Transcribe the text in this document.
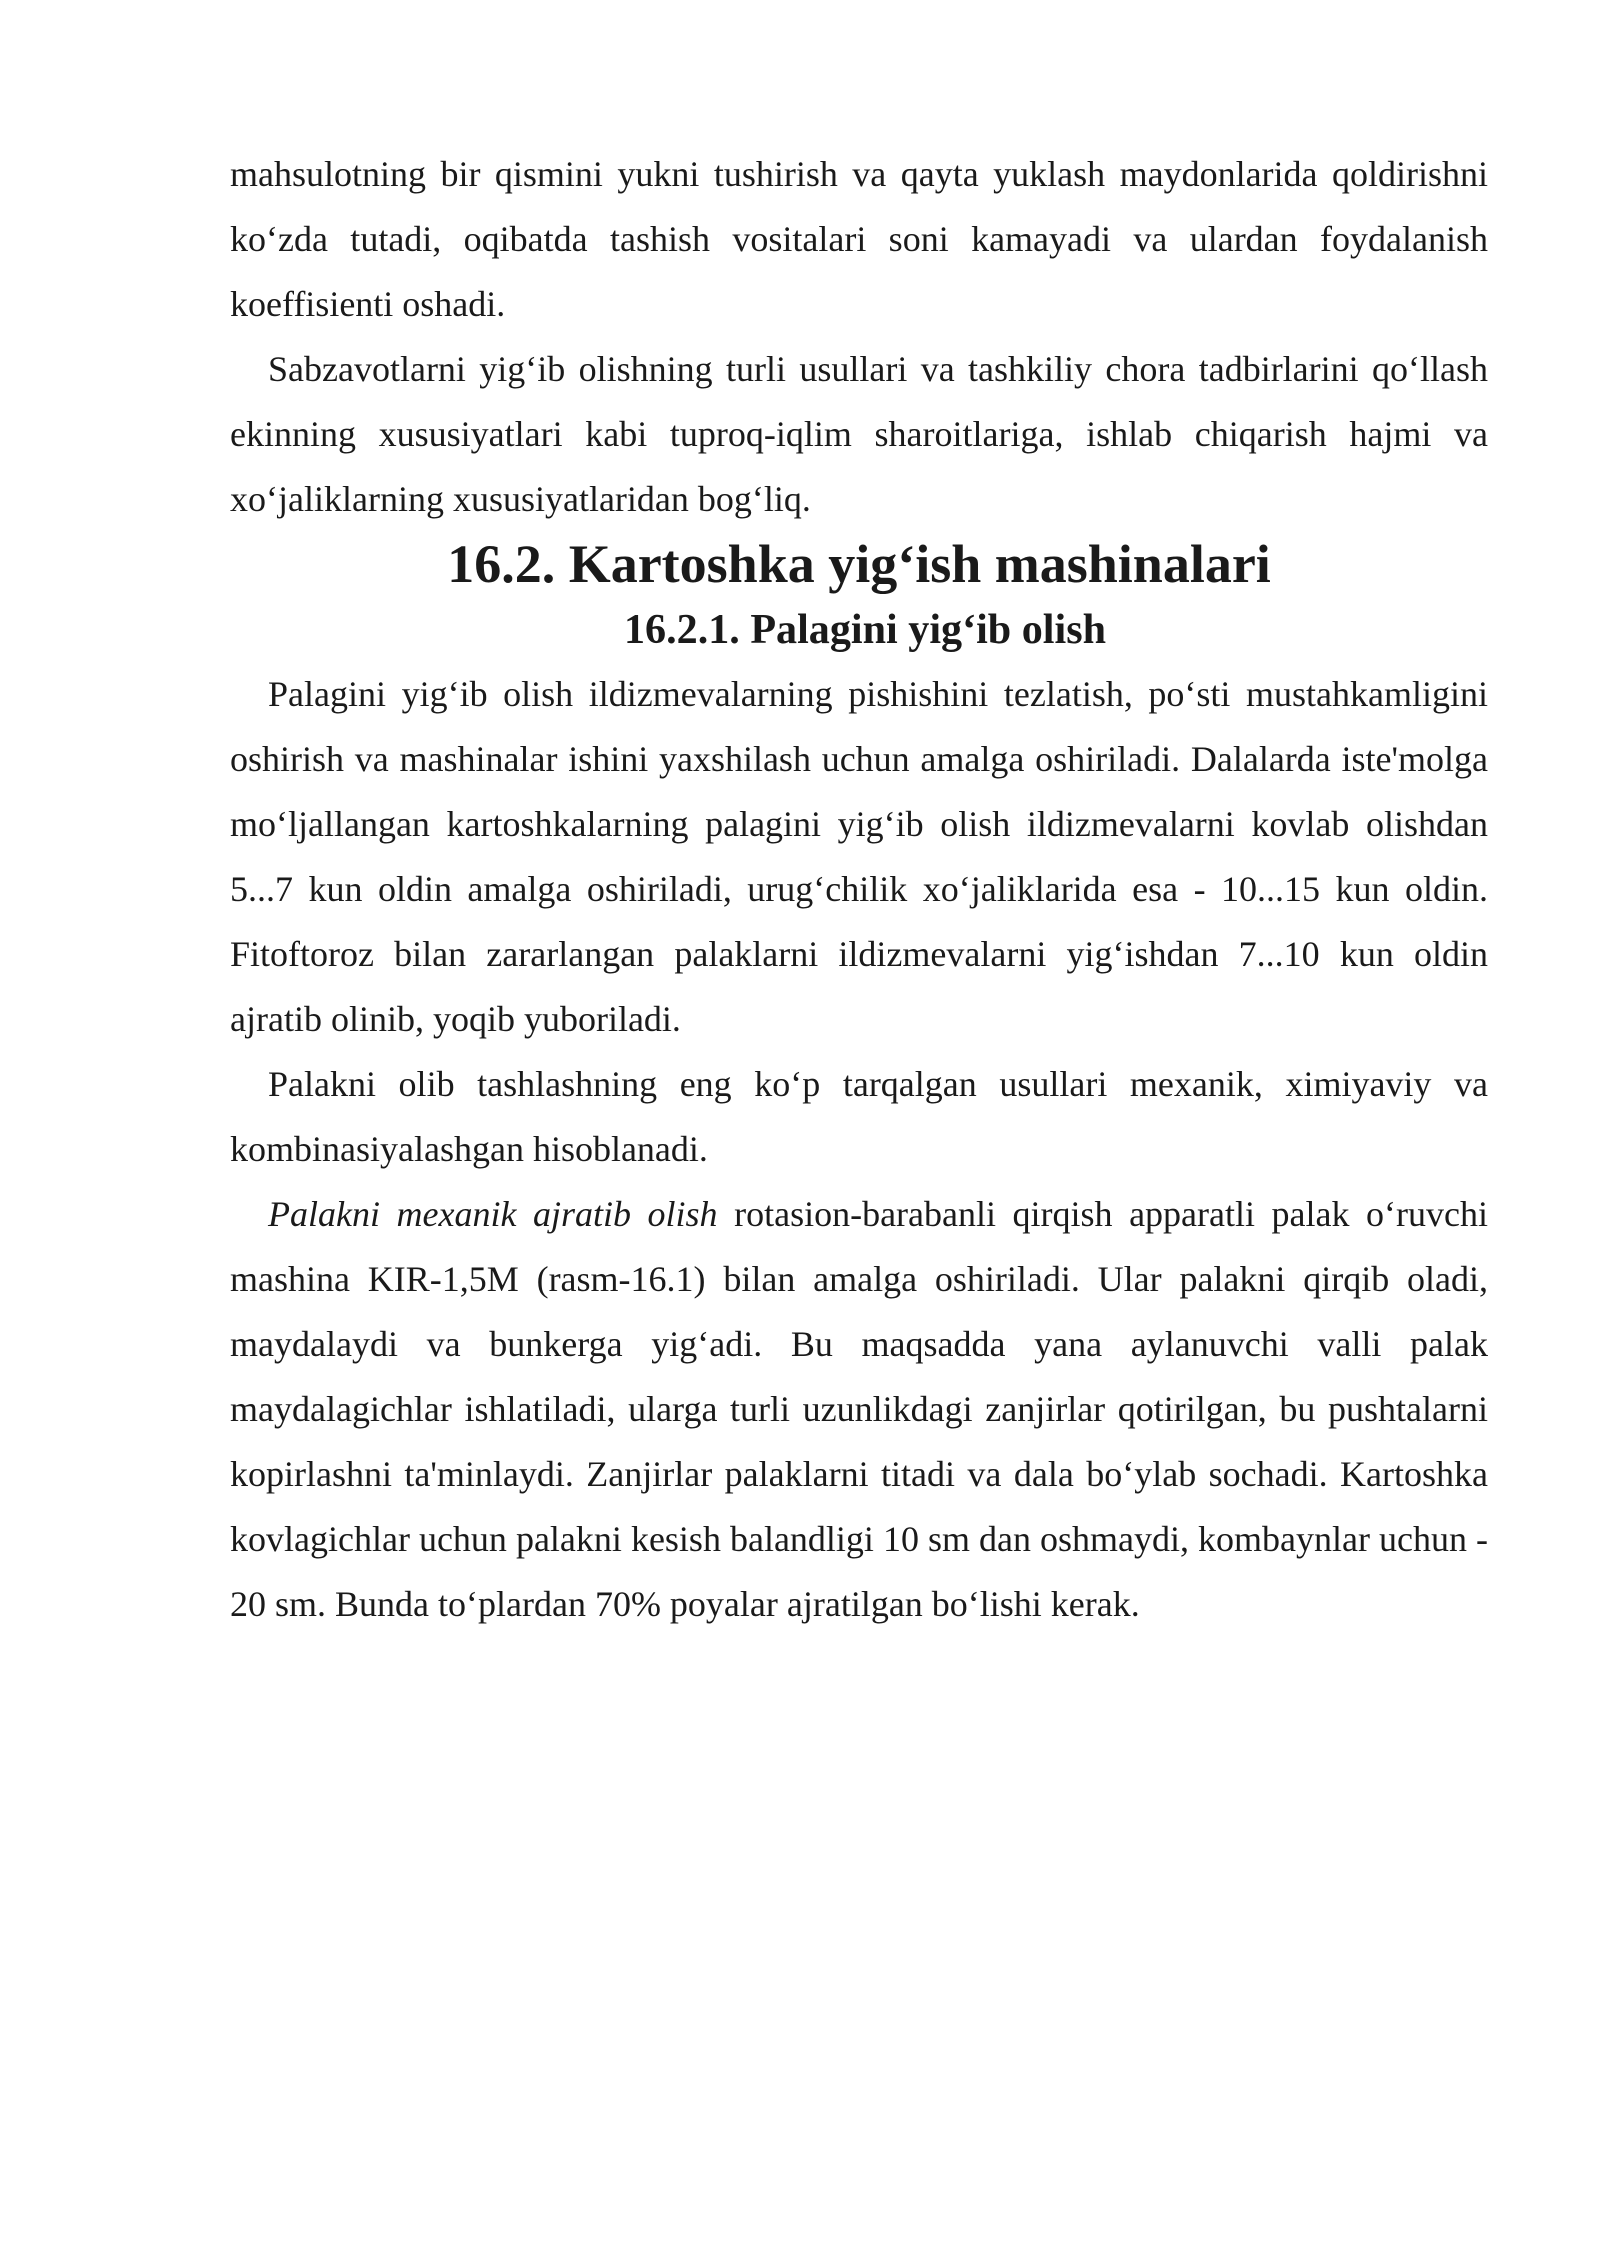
mahsulotning bir qismini yukni tushirish va qayta yuklash maydonlarida qoldirishni ko‘zda tutadi, oqibatda tashish vositalari soni kamayadi va ulardan foydalanish koeffisienti oshadi.

Sabzavotlarni yig‘ib olishning turli usullari va tashkiliy chora tadbirlarini qo‘llash ekinning xususiyatlari kabi tuproq-iqlim sharoitlariga, ishlab chiqarish hajmi va xo‘jaliklarning xususiyatlaridan bog‘liq.

16.2. Kartoshka yig‘ish mashinalari
16.2.1. Palagini yig‘ib olish

Palagini yig‘ib olish ildizmevalarning pishishini tezlatish, po‘sti mustahkamligini oshirish va mashinalar ishini yaxshilash uchun amalga oshiriladi. Dalalarda iste'molga mo‘ljallangan kartoshkalarning palagini yig‘ib olish ildizmevalarni kovlab olishdan 5...7 kun oldin amalga oshiriladi, urug‘chilik xo‘jaliklarida esa - 10...15 kun oldin. Fitoftoroz bilan zararlangan palaklarni ildizmevalarni yig‘ishdan 7...10 kun oldin ajratib olinib, yoqib yuboriladi.

Palakni olib tashlashning eng ko‘p tarqalgan usullari mexanik, ximiyaviy va kombinasiyalashgan hisoblanadi.

Palakni mexanik ajratib olish rotasion-barabanli qirqish apparatli palak o‘ruvchi mashina KIR-1,5M (rasm-16.1) bilan amalga oshiriladi. Ular palakni qirqib oladi, maydalaydi va bunkerga yig‘adi. Bu maqsadda yana aylanuvchi valli palak maydalagichlar ishlatiladi, ularga turli uzunlikdagi zanjirlar qotirilgan, bu pushtalarni kopirlashni ta'minlaydi. Zanjirlar palaklarni titadi va dala bo‘ylab sochadi. Kartoshka kovlagichlar uchun palakni kesish balandligi 10 sm dan oshmaydi, kombaynlar uchun - 20 sm. Bunda to‘plardan 70% poyalar ajratilgan bo‘lishi kerak.
